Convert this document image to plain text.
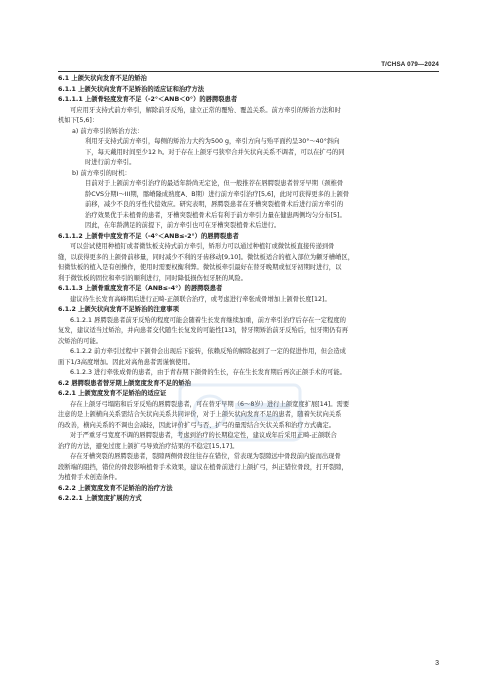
T/CHSA 079—2024
6.1 上颌矢状向发育不足的矫治
6.1.1 上颌矢状向发育不足矫治的适应证和治疗方法
6.1.1.1 上颌骨轻度发育不足（-2°＜ANB＜0°）的唇腭裂患者
可应用牙支持式前方牵引，解除前牙反殆，建立正常的覆殆、覆盖关系。前方牵引的矫治方法和时
机如下[5,6]：
a) 前方牵引的矫治方法：
利用牙支持式前方牵引，每侧的矫治力大约为500 g，牵引方向与殆平面约呈30°～40°斜向
下，每天戴用时间至少12 h。对于存在上颌牙弓狭窄合并矢状向关系不调者，可以在扩弓的同
时进行前方牵引。
b) 前方牵引的时机：
目前对于上颌前方牵引治疗的最适年龄尚无定论，但一般推荐在唇腭裂患者替牙早期（颈椎骨
龄CVS分期I～III期，髂嵴隆成熟度A、B期）进行前方牵引治疗[5,6]，此时可获得更多的上颌骨
前移，减少不良的牙性代偿效应。研究表明，唇腭裂患者在牙槽突裂植骨术后进行前方牵引的
治疗效果优于未植骨的患者，牙槽突裂植骨术后有利于前方牵引力量在健患两侧均匀分布[5]。
因此，在年龄满足的前提下，前方牵引也可在牙槽突裂植骨术后进行。
6.1.1.2 上颌骨中度发育不足（-4°＜ANB≤-2°）的唇腭裂患者
可以尝试使用种植钉或者微钛板支持式前方牵引，矫形力可以通过种植钉或微钛板直接传递到骨
缝，以获得更多的上颌骨前移量，同时减少不利的牙齿移动[9,10]。微钛板适合的植入部位为颧牙槽嵴区，
但微钛板的植入是有创操作，使用时需要权衡利弊。微钛板牵引最好在替牙晚期或恒牙初期时进行，以
利于微钛板的固位和牵引的顺利进行，同时降低损伤恒牙胚的风险。
6.1.1.3 上颌骨重度发育不足（ANB≤-4°）的唇腭裂患者
建议待生长发育高峰期后进行正畸-正颌联合治疗，或考虑进行牵张成骨增加上颌骨长度[12]。
6.1.2 上颌矢状向发育不足矫治的注意事项
6.1.2.1 唇腭裂患者前牙反殆的程度可能会随着生长发育继续加重，前方牵引治疗后存在一定程度的
复发，建议适当过矫治，并向患者交代随生长复发的可能性[13]，替牙期矫治前牙反殆后，恒牙期仍有再
次矫治的可能。
6.1.2.2 前方牵引过程中下颌骨会出现后下旋转，依赖反殆的解除起到了一定的促进作用，但会造成
面下1/3高度增加。因此对高角患者需谨慎使用。
6.1.2.3 进行牵张成骨的患者，由于青春期下颌骨的生长，存在生长发育期后再次正颌手术的可能。
6.2 唇腭裂患者替牙期上颌宽度发育不足的矫治
6.2.1 上颌宽度发育不足矫治的适应证
存在上颌牙弓塌陷和后牙反殆的唇腭裂患者，可在替牙早期（6～8岁）进行上颌宽度扩展[14]。需要
注意的是上颌横向关系需结合矢状向关系共同评价，对于上颌矢状向发育不足的患者，随着矢状向关系
的改善，横向关系的不调也会减轻，因此评价扩弓与否、扩弓的量需结合矢状关系和治疗方式确定。
对于严重牙弓宽度不调的唇腭裂患者，考虑到治疗的长期稳定性，建议成年后采用正畸-正颌联合
治疗的方法，避免过度上颌扩弓导致治疗结果的不稳定[15,17]。
存在牙槽突裂的唇腭裂患者，裂隙两侧骨段往往存在错位，常表现为裂隙远中骨段前内旋而出现骨
段断端的阻挡，错位的骨段影响植骨手术效果，建议在植骨前进行上颌扩弓，纠正错位骨段，打开裂隙，
为植骨手术创造条件。
6.2.2 上颌宽度发育不足矫治的治疗方法
6.2.2.1 上颌宽度扩展的方式
3
